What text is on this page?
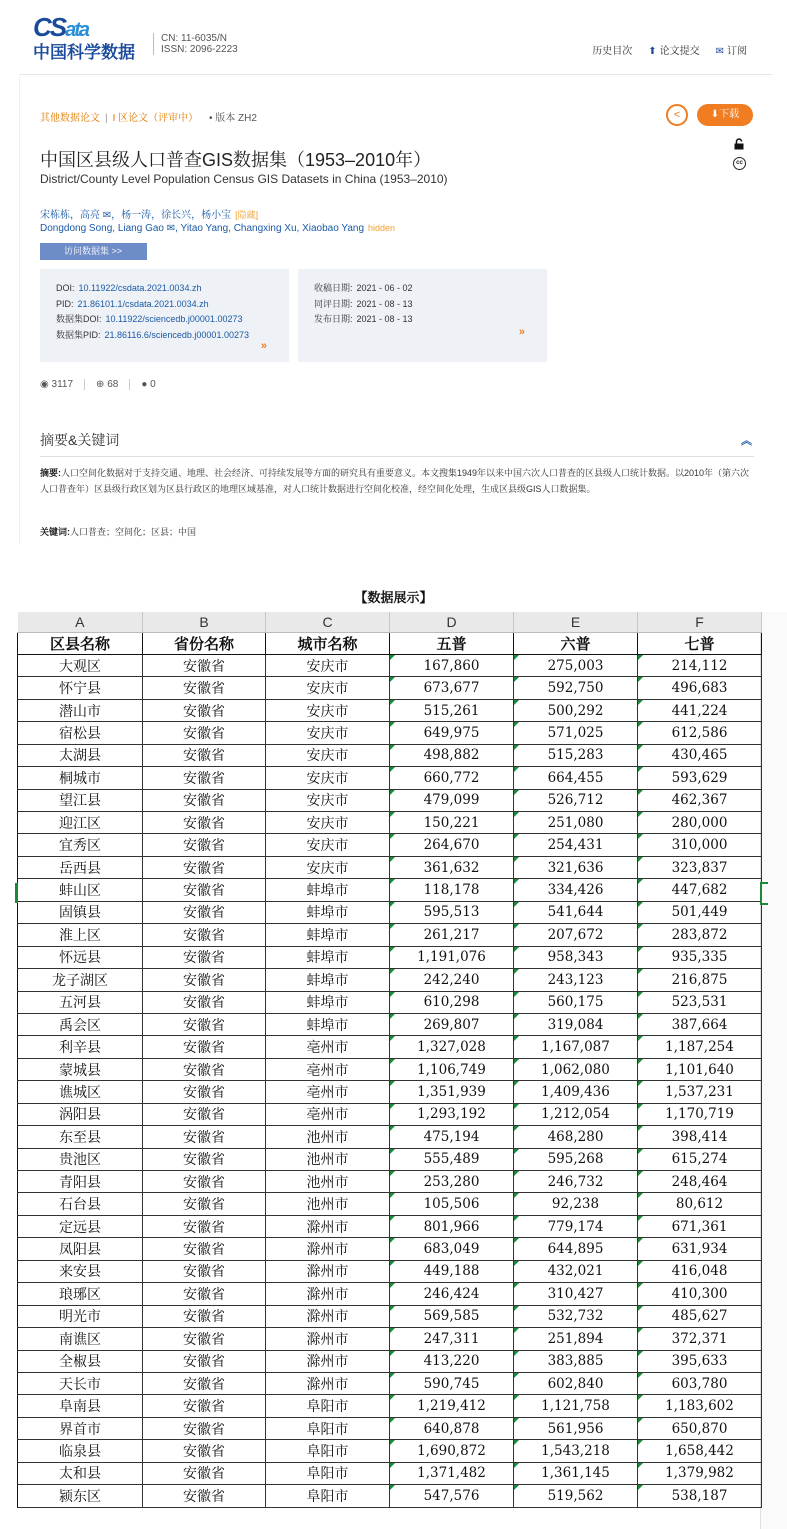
CSata
中国科学数据
CN: 11-6035/N
ISSN: 2096-2223	历史目次 ⬆ 论文提交 ✉ 订阅
其他数据论文 | I 区论文（评审中） • 版本 ZH2	<	⬇下载
cc
中国区县级人口普查GIS数据集（1953–2010年）
District/County Level Population Census GIS Datasets in China (1953–2010)
宋栋栋，高亮 ✉，杨一涛，徐长兴，杨小宝 [隐藏]
Dongdong Song, Liang Gao ✉, Yitao Yang, Changxing Xu, Xiaobao Yang hidden
访问数据集 >>
DOI: 10.11922/csdata.2021.0034.zh
PID: 21.86101.1/csdata.2021.0034.zh
数据集DOI: 10.11922/sciencedb.j00001.00273
数据集PID: 21.86116.6/sciencedb.j00001.00273
»
收稿日期: 2021 - 06 - 02
同评日期: 2021 - 08 - 13
发布日期: 2021 - 08 - 13
»
◉ 3117	⊕ 68	● 0
摘要&关键词	︽
摘要:人口空间化数据对于支持交通、地理、社会经济、可持续发展等方面的研究具有重要意义。本文搜集1949年以来中国六次人口普查的区县级人口统计数据。以2010年（第六次人口普查年）区县级行政区划为区县行政区的地理区域基准，对人口统计数据进行空间化校准，经空间化处理，生成区县级GIS人口数据集。
关键词:人口普查；空间化；区县；中国
【数据展示】
A	B	C	D	E	F
区县名称	省份名称	城市名称	五普	六普	七普
大观区	安徽省	安庆市	167,860	275,003	214,112
怀宁县	安徽省	安庆市	673,677	592,750	496,683
潜山市	安徽省	安庆市	515,261	500,292	441,224
宿松县	安徽省	安庆市	649,975	571,025	612,586
太湖县	安徽省	安庆市	498,882	515,283	430,465
桐城市	安徽省	安庆市	660,772	664,455	593,629
望江县	安徽省	安庆市	479,099	526,712	462,367
迎江区	安徽省	安庆市	150,221	251,080	280,000
宜秀区	安徽省	安庆市	264,670	254,431	310,000
岳西县	安徽省	安庆市	361,632	321,636	323,837
蚌山区	安徽省	蚌埠市	118,178	334,426	447,682
固镇县	安徽省	蚌埠市	595,513	541,644	501,449
淮上区	安徽省	蚌埠市	261,217	207,672	283,872
怀远县	安徽省	蚌埠市	1,191,076	958,343	935,335
龙子湖区	安徽省	蚌埠市	242,240	243,123	216,875
五河县	安徽省	蚌埠市	610,298	560,175	523,531
禹会区	安徽省	蚌埠市	269,807	319,084	387,664
利辛县	安徽省	亳州市	1,327,028	1,167,087	1,187,254
蒙城县	安徽省	亳州市	1,106,749	1,062,080	1,101,640
谯城区	安徽省	亳州市	1,351,939	1,409,436	1,537,231
涡阳县	安徽省	亳州市	1,293,192	1,212,054	1,170,719
东至县	安徽省	池州市	475,194	468,280	398,414
贵池区	安徽省	池州市	555,489	595,268	615,274
青阳县	安徽省	池州市	253,280	246,732	248,464
石台县	安徽省	池州市	105,506	92,238	80,612
定远县	安徽省	滁州市	801,966	779,174	671,361
凤阳县	安徽省	滁州市	683,049	644,895	631,934
来安县	安徽省	滁州市	449,188	432,021	416,048
琅琊区	安徽省	滁州市	246,424	310,427	410,300
明光市	安徽省	滁州市	569,585	532,732	485,627
南谯区	安徽省	滁州市	247,311	251,894	372,371
全椒县	安徽省	滁州市	413,220	383,885	395,633
天长市	安徽省	滁州市	590,745	602,840	603,780
阜南县	安徽省	阜阳市	1,219,412	1,121,758	1,183,602
界首市	安徽省	阜阳市	640,878	561,956	650,870
临泉县	安徽省	阜阳市	1,690,872	1,543,218	1,658,442
太和县	安徽省	阜阳市	1,371,482	1,361,145	1,379,982
颍东区	安徽省	阜阳市	547,576	519,562	538,187
